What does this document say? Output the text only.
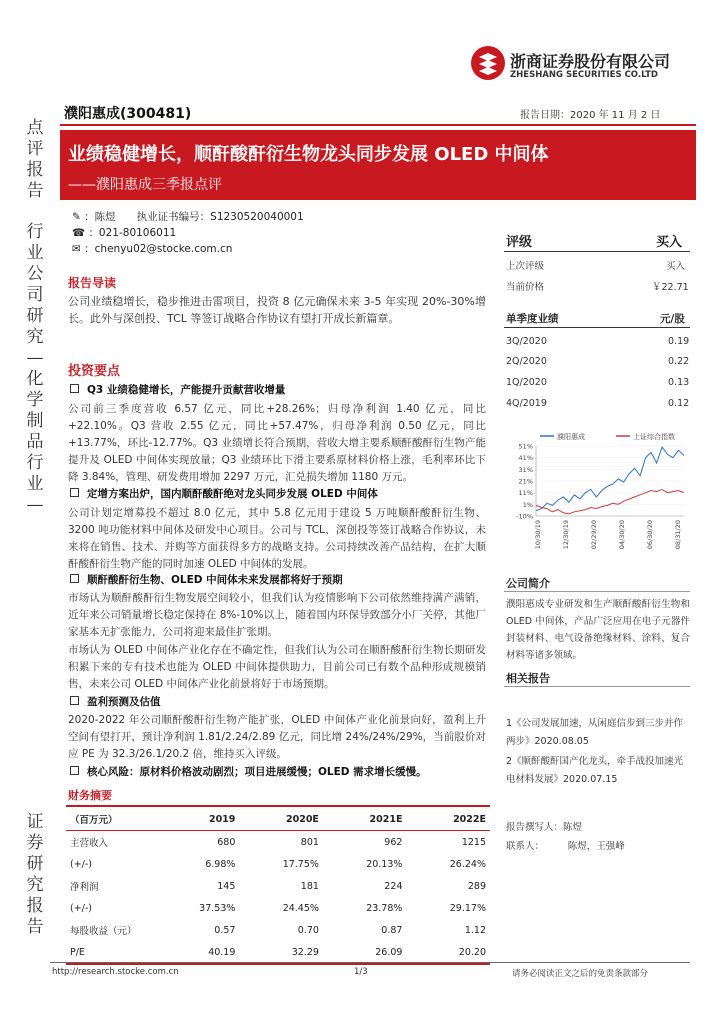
点评报告
行业公司研究—化学制品行业—
证券研究报告
浙商证券股份有限公司
ZHESHANG SECURITIES CO.LTD
濮阳惠成(300481)	报告日期：2020 年 11 月 2 日
业绩稳健增长，顺酐酸酐衍生物龙头同步发展 OLED 中间体
——濮阳惠成三季报点评
✎ ：陈煜　　执业证书编号：S1230520040001
☎ ：021-80106011
✉ ：chenyu02@stocke.com.cn
报告导读
公司业绩稳增长，稳步推进击雷项目，投资 8 亿元确保未来 3-5 年实现 20%-30%增长。此外与深创投、TCL 等签订战略合作协议有望打开成长新篇章。
投资要点
Q3 业绩稳健增长，产能提升贡献营收增量
公司前三季度营收 6.57 亿元，同比+28.26%；归母净利润 1.40 亿元，同比+22.10%。Q3 营收 2.55 亿元，同比+57.47%，归母净利润 0.50 亿元，同比+13.77%，环比-12.77%。Q3 业绩增长符合预期，营收大增主要系顺酐酸酐衍生物产能提升及 OLED 中间体实现放量；Q3 业绩环比下滑主要系原材料价格上涨，毛利率环比下降 3.84%，管理、研发费用增加 2297 万元，汇兑损失增加 1180 万元。
定增方案出炉，国内顺酐酸酐绝对龙头同步发展 OLED 中间体
公司计划定增募投不超过 8.0 亿元，其中 5.8 亿元用于建设 5 万吨顺酐酸酐衍生物、3200 吨功能材料中间体及研发中心项目。公司与 TCL、深创投等签订战略合作协议，未来将在销售、技术、并购等方面获得多方的战略支持。公司持续改善产品结构，在扩大顺酐酸酐衍生物产能的同时加速 OLED 中间体的发展。
顺酐酸酐衍生物、OLED 中间体未来发展都将好于预期
市场认为顺酐酸酐衍生物发展空间较小，但我们认为疫情影响下公司依然维持满产满销，近年来公司销量增长稳定保持在 8%-10%以上，随着国内环保导致部分小厂关停，其他厂家基本无扩张能力，公司将迎来最佳扩张期。
市场认为 OLED 中间体产业化存在不确定性，但我们认为公司在顺酐酸酐衍生物长期研发积累下来的专有技术也能为 OLED 中间体提供助力，目前公司已有数个品种形成规模销售，未来公司 OLED 中间体产业化前景将好于市场预期。
盈利预测及估值
2020-2022 年公司顺酐酸酐衍生物产能扩张，OLED 中间体产业化前景向好，盈利上升空间有望打开，预计净利润 1.81/2.24/2.89 亿元，同比增 24%/24%/29%，当前股价对应 PE 为 32.3/26.1/20.2 倍，维持买入评级。
核心风险：原材料价格波动剧烈；项目进展缓慢；OLED 需求增长缓慢。
财务摘要
（百万元）	2019	2020E	2021E	2022E
主营收入	680	801	962	1215
(+/-)	6.98%	17.75%	20.13%	26.24%
净利润	145	181	224	289
(+/-)	37.53%	24.45%	23.78%	29.17%
每股收益（元）	0.57	0.70	0.87	1.12
P/E	40.19	32.29	26.09	20.20
评级	买入
上次评级	买入
当前价格	￥22.71
单季度业绩	元/股
3Q/2020	0.19
2Q/2020	0.22
1Q/2020	0.13
4Q/2019	0.12
濮阳惠成	上证综合指数
51%
41%
31%
21%
11%
1%
-10%
10/30/19	12/30/19	02/29/20	04/30/20	06/30/20	08/31/20
公司简介
濮阳惠成专业研发和生产顺酐酸酐衍生物和 OLED 中间体，产品广泛应用在电子元器件封装材料、电气设备绝缘材料、涂料、复合材料等诸多领域。
相关报告
1《公司发展加速，从闲庭信步到三步并作两步》2020.08.05
2《顺酐酸酐国产化龙头，牵手战投加速光电材料发展》2020.07.15
报告撰写人：陈煜
联系人：　　　陈煜，王强峰
http://research.stocke.com.cn	1/3	请务必阅读正文之后的免责条款部分
